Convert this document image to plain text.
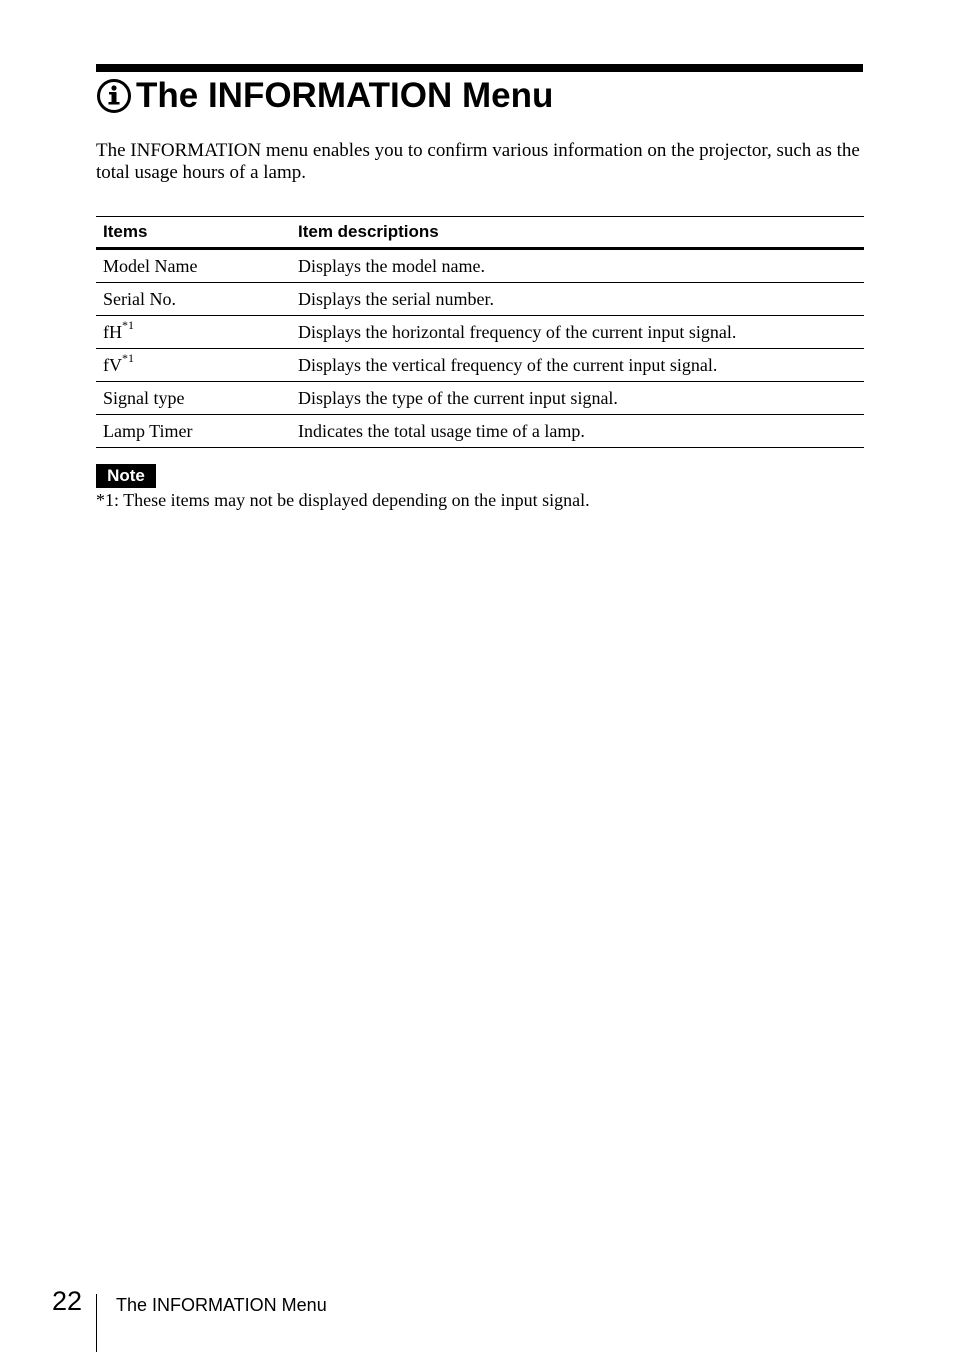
The INFORMATION Menu
The INFORMATION menu enables you to confirm various information on the projector, such as the total usage hours of a lamp.
Items	Item descriptions
Model Name	Displays the model name.
Serial No.	Displays the serial number.
$fH^{*1}$	Displays the horizontal frequency of the current input signal.
$fV^{*1}$	Displays the vertical frequency of the current input signal.
Signal type	Displays the type of the current input signal.
Lamp Timer	Indicates the total usage time of a lamp.
Note
*1: These items may not be displayed depending on the input signal.
22 The INFORMATION Menu
